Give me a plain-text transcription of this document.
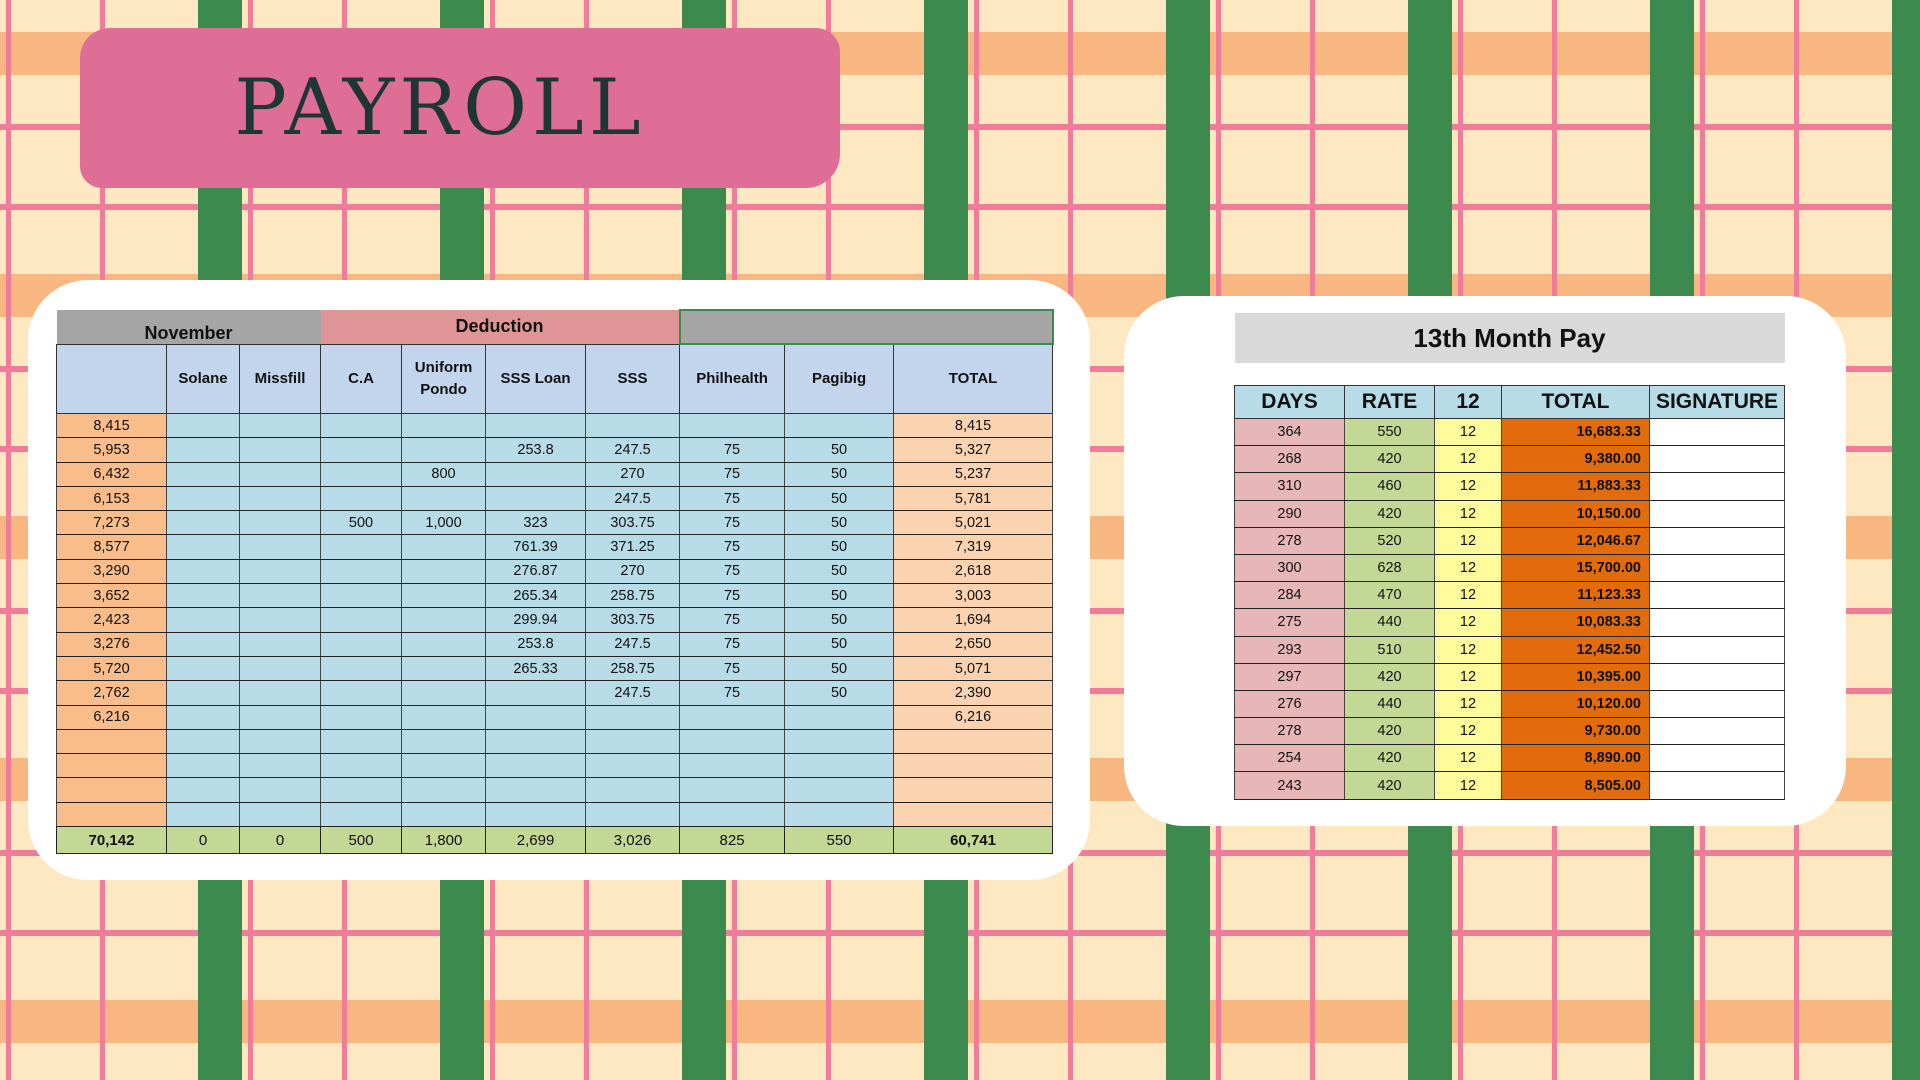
PAYROLL
November			Deduction						
	Solane	Missfill	C.A	Uniform Pondo	SSS Loan	SSS	Philhealth	Pagibig	TOTAL
8,415									8,415
5,953					253.8	247.5	75	50	5,327
6,432				800		270	75	50	5,237
6,153						247.5	75	50	5,781
7,273			500	1,000	323	303.75	75	50	5,021
8,577					761.39	371.25	75	50	7,319
3,290					276.87	270	75	50	2,618
3,652					265.34	258.75	75	50	3,003
2,423					299.94	303.75	75	50	1,694
3,276					253.8	247.5	75	50	2,650
5,720					265.33	258.75	75	50	5,071
2,762						247.5	75	50	2,390
6,216									6,216

70,142	0	0	500	1,800	2,699	3,026	825	550	60,741
13th Month Pay				

DAYS	RATE	12	TOTAL	SIGNATURE
364	550	12	16,683.33	
268	420	12	9,380.00	
310	460	12	11,883.33	
290	420	12	10,150.00	
278	520	12	12,046.67	
300	628	12	15,700.00	
284	470	12	11,123.33	
275	440	12	10,083.33	
293	510	12	12,452.50	
297	420	12	10,395.00	
276	440	12	10,120.00	
278	420	12	9,730.00	
254	420	12	8,890.00	
243	420	12	8,505.00	
